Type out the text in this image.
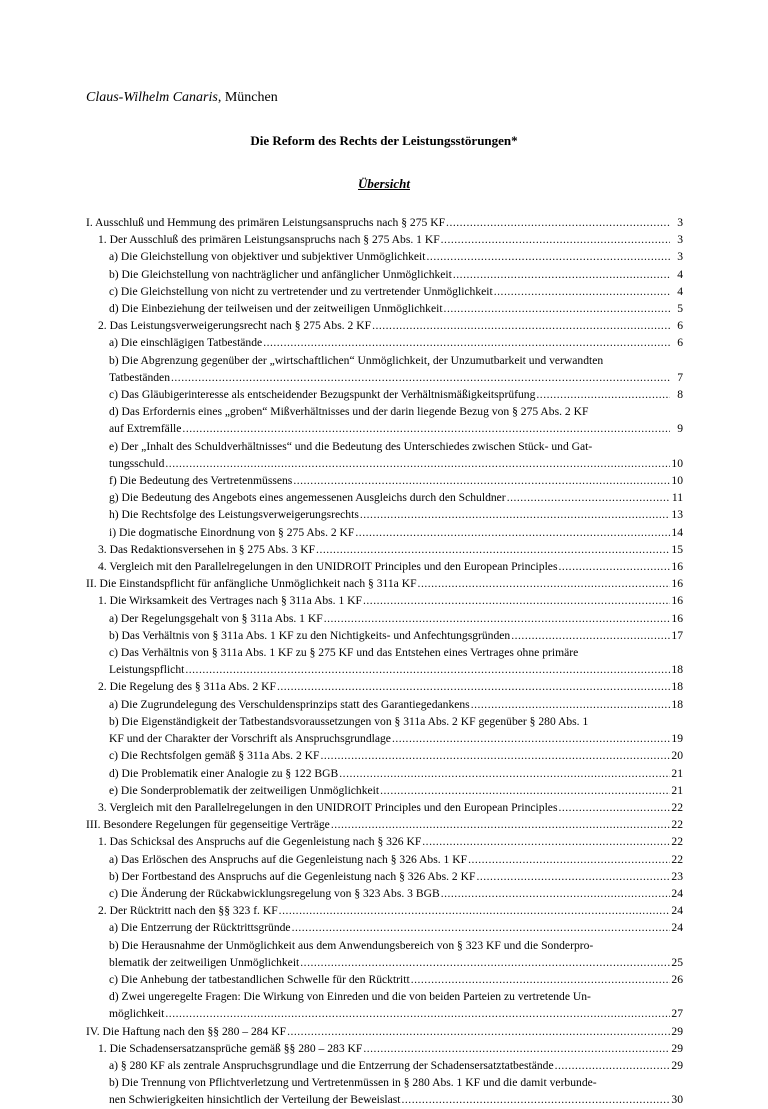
Claus-Wilhelm Canaris, München
Die Reform des Rechts der Leistungsstörungen*
Übersicht
I. Ausschluß und Hemmung des primären Leistungsanspruchs nach § 275 KF .....	3
1. Der Ausschluß des primären Leistungsanspruchs nach § 275 Abs. 1 KF .....	3
a) Die Gleichstellung von objektiver und subjektiver Unmöglichkeit .....	3
b) Die Gleichstellung von nachträglicher und anfänglicher Unmöglichkeit .....	4
c) Die Gleichstellung von nicht zu vertretender und zu vertretender Unmöglichkeit .....	4
d) Die Einbeziehung der teilweisen und der zeitweiligen Unmöglichkeit .....	5
2. Das Leistungsverweigerungsrecht nach § 275 Abs. 2 KF .....	6
a) Die einschlägigen Tatbestände .....	6
b) Die Abgrenzung gegenüber der „wirtschaftlichen“ Unmöglichkeit, der Unzumutbarkeit und verwandten
Tatbeständen .....	7
c) Das Gläubigerinteresse als entscheidender Bezugspunkt der Verhältnismäßigkeitsprüfung .....	8
d) Das Erfordernis eines „groben“ Mißverhältnisses und der darin liegende Bezug von § 275 Abs. 2 KF
auf Extremfälle .....	9
e) Der „Inhalt des Schuldverhältnisses“ und die Bedeutung des Unterschiedes zwischen Stück- und Gat-
tungsschuld .....	10
f) Die Bedeutung des Vertretenmüssens .....	10
g) Die Bedeutung des Angebots eines angemessenen Ausgleichs durch den Schuldner .....	11
h) Die Rechtsfolge des Leistungsverweigerungsrechts .....	13
i) Die dogmatische Einordnung von § 275 Abs. 2 KF .....	14
3. Das Redaktionsversehen in § 275 Abs. 3 KF .....	15
4. Vergleich mit den Parallelregelungen in den UNIDROIT Principles und den European Principles .....	16
II. Die Einstandspflicht für anfängliche Unmöglichkeit nach § 311a KF .....	16
1. Die Wirksamkeit des Vertrages nach § 311a Abs. 1 KF .....	16
a) Der Regelungsgehalt von § 311a Abs. 1 KF .....	16
b) Das Verhältnis von § 311a Abs. 1 KF zu den Nichtigkeits- und Anfechtungsgründen .....	17
c) Das Verhältnis von § 311a Abs. 1 KF zu § 275 KF und das Entstehen eines Vertrages ohne primäre
Leistungspflicht .....	18
2. Die Regelung des § 311a Abs. 2 KF .....	18
a) Die Zugrundelegung des Verschuldensprinzips statt des Garantiegedankens .....	18
b) Die Eigenständigkeit der Tatbestandsvoraussetzungen von § 311a Abs. 2 KF gegenüber § 280 Abs. 1
KF und der Charakter der Vorschrift als Anspruchsgrundlage .....	19
c) Die Rechtsfolgen gemäß § 311a Abs. 2 KF .....	20
d) Die Problematik einer Analogie zu § 122 BGB .....	21
e) Die Sonderproblematik der zeitweiligen Unmöglichkeit .....	21
3. Vergleich mit den Parallelregelungen in den UNIDROIT Principles und den European Principles .....	22
III. Besondere Regelungen für gegenseitige Verträge .....	22
1. Das Schicksal des Anspruchs auf die Gegenleistung nach § 326 KF .....	22
a) Das Erlöschen des Anspruchs auf die Gegenleistung nach § 326 Abs. 1 KF .....	22
b) Der Fortbestand des Anspruchs auf die Gegenleistung nach § 326 Abs. 2 KF .....	23
c) Die Änderung der Rückabwicklungsregelung von § 323 Abs. 3 BGB .....	24
2. Der Rücktritt nach den §§ 323 f. KF .....	24
a) Die Entzerrung der Rücktrittsgründe .....	24
b) Die Herausnahme der Unmöglichkeit aus dem Anwendungsbereich von § 323 KF und die Sonderpro-
blematik der zeitweiligen Unmöglichkeit .....	25
c) Die Anhebung der tatbestandlichen Schwelle für den Rücktritt .....	26
d) Zwei ungeregelte Fragen: Die Wirkung von Einreden und die von beiden Parteien zu vertretende Un-
möglichkeit .....	27
IV. Die Haftung nach den §§ 280 – 284 KF .....	29
1. Die Schadensersatzansprüche gemäß §§ 280 – 283 KF .....	29
a) § 280 KF als zentrale Anspruchsgrundlage und die Entzerrung der Schadensersatztatbestände .....	29
b) Die Trennung von Pflichtverletzung und Vertretenmüssen in § 280 Abs. 1 KF und die damit verbunde-
nen Schwierigkeiten hinsichtlich der Verteilung der Beweislast .....	30
